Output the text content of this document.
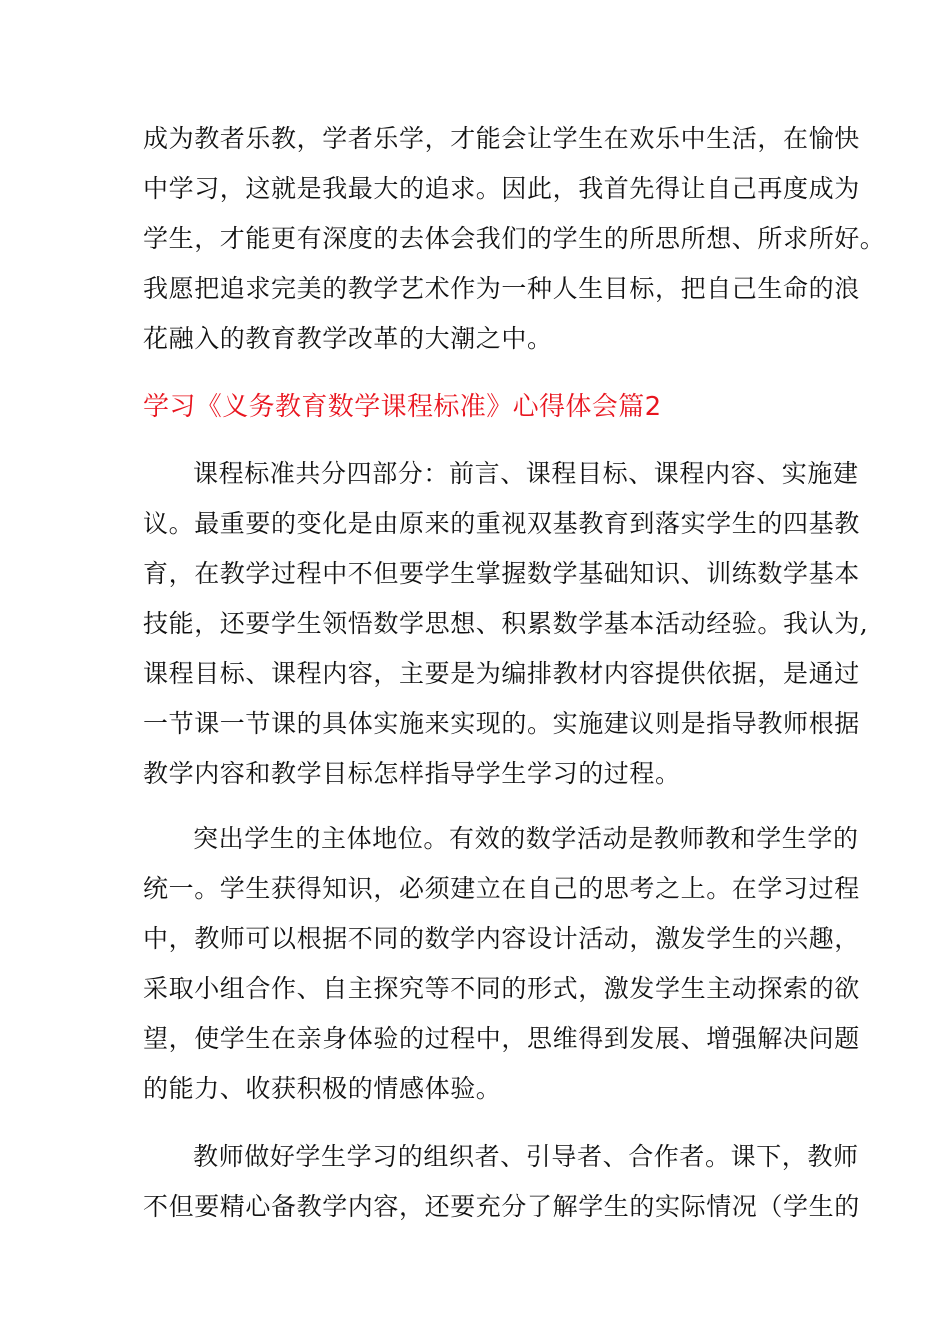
成为教者乐教，学者乐学，才能会让学生在欢乐中生活，在愉快
中学习，这就是我最大的追求。因此，我首先得让自己再度成为
学生，才能更有深度的去体会我们的学生的所思所想、所求所好。
我愿把追求完美的教学艺术作为一种人生目标，把自己生命的浪
花融入的教育教学改革的大潮之中。
学习《义务教育数学课程标准》心得体会篇2
课程标准共分四部分：前言、课程目标、课程内容、实施建
议。最重要的变化是由原来的重视双基教育到落实学生的四基教
育，在教学过程中不但要学生掌握数学基础知识、训练数学基本
技能，还要学生领悟数学思想、积累数学基本活动经验。我认为,
课程目标、课程内容，主要是为编排教材内容提供依据，是通过
一节课一节课的具体实施来实现的。实施建议则是指导教师根据
教学内容和教学目标怎样指导学生学习的过程。
突出学生的主体地位。有效的数学活动是教师教和学生学的
统一。学生获得知识，必须建立在自己的思考之上。在学习过程
中，教师可以根据不同的数学内容设计活动，激发学生的兴趣，
采取小组合作、自主探究等不同的形式，激发学生主动探索的欲
望，使学生在亲身体验的过程中，思维得到发展、增强解决问题
的能力、收获积极的情感体验。
教师做好学生学习的组织者、引导者、合作者。课下，教师
不但要精心备教学内容，还要充分了解学生的实际情况（学生的
